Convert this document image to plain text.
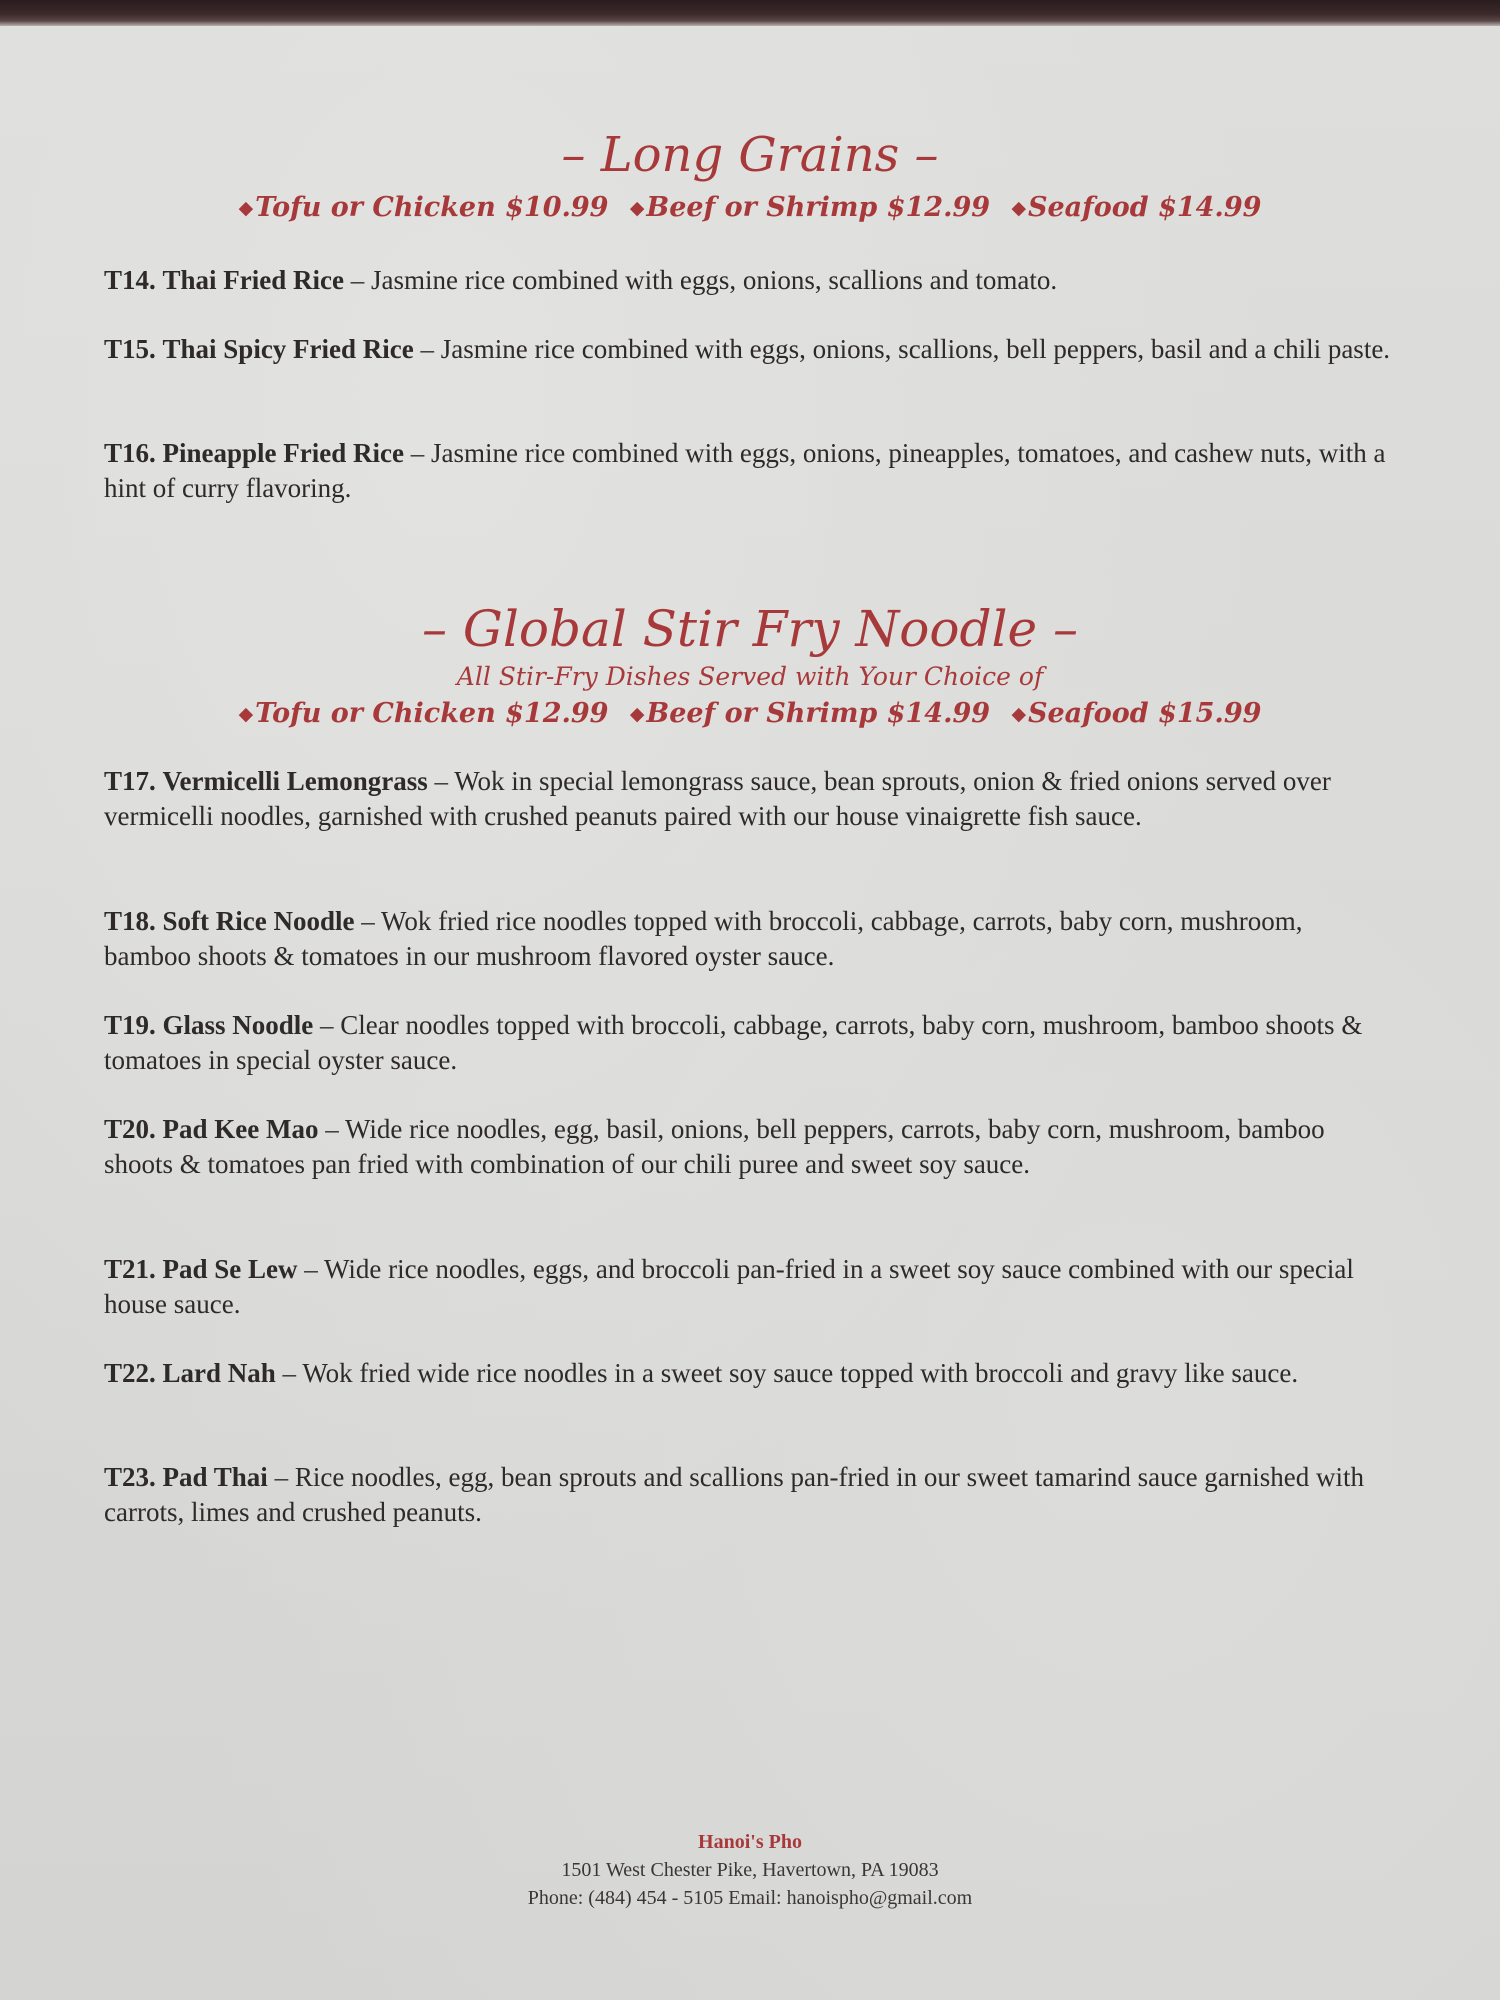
– Long Grains –
◆Tofu or Chicken $10.99 ◆Beef or Shrimp $12.99 ◆Seafood $14.99
T14. Thai Fried Rice – Jasmine rice combined with eggs, onions, scallions and tomato.
T15. Thai Spicy Fried Rice – Jasmine rice combined with eggs, onions, scallions, bell peppers, basil and a chili paste.
T16. Pineapple Fried Rice – Jasmine rice combined with eggs, onions, pineapples, tomatoes, and cashew nuts, with a hint of curry flavoring.
– Global Stir Fry Noodle –
All Stir-Fry Dishes Served with Your Choice of
◆Tofu or Chicken $12.99 ◆Beef or Shrimp $14.99 ◆Seafood $15.99
T17. Vermicelli Lemongrass – Wok in special lemongrass sauce, bean sprouts, onion & fried onions served over vermicelli noodles, garnished with crushed peanuts paired with our house vinaigrette fish sauce.
T18. Soft Rice Noodle – Wok fried rice noodles topped with broccoli, cabbage, carrots, baby corn, mushroom, bamboo shoots & tomatoes in our mushroom flavored oyster sauce.
T19. Glass Noodle – Clear noodles topped with broccoli, cabbage, carrots, baby corn, mushroom, bamboo shoots & tomatoes in special oyster sauce.
T20. Pad Kee Mao – Wide rice noodles, egg, basil, onions, bell peppers, carrots, baby corn, mushroom, bamboo shoots & tomatoes pan fried with combination of our chili puree and sweet soy sauce.
T21. Pad Se Lew – Wide rice noodles, eggs, and broccoli pan-fried in a sweet soy sauce combined with our special house sauce.
T22. Lard Nah – Wok fried wide rice noodles in a sweet soy sauce topped with broccoli and gravy like sauce.
T23. Pad Thai – Rice noodles, egg, bean sprouts and scallions pan-fried in our sweet tamarind sauce garnished with carrots, limes and crushed peanuts.
Hanoi's Pho
1501 West Chester Pike, Havertown, PA 19083
Phone: (484) 454 - 5105 Email: hanoispho@gmail.com
